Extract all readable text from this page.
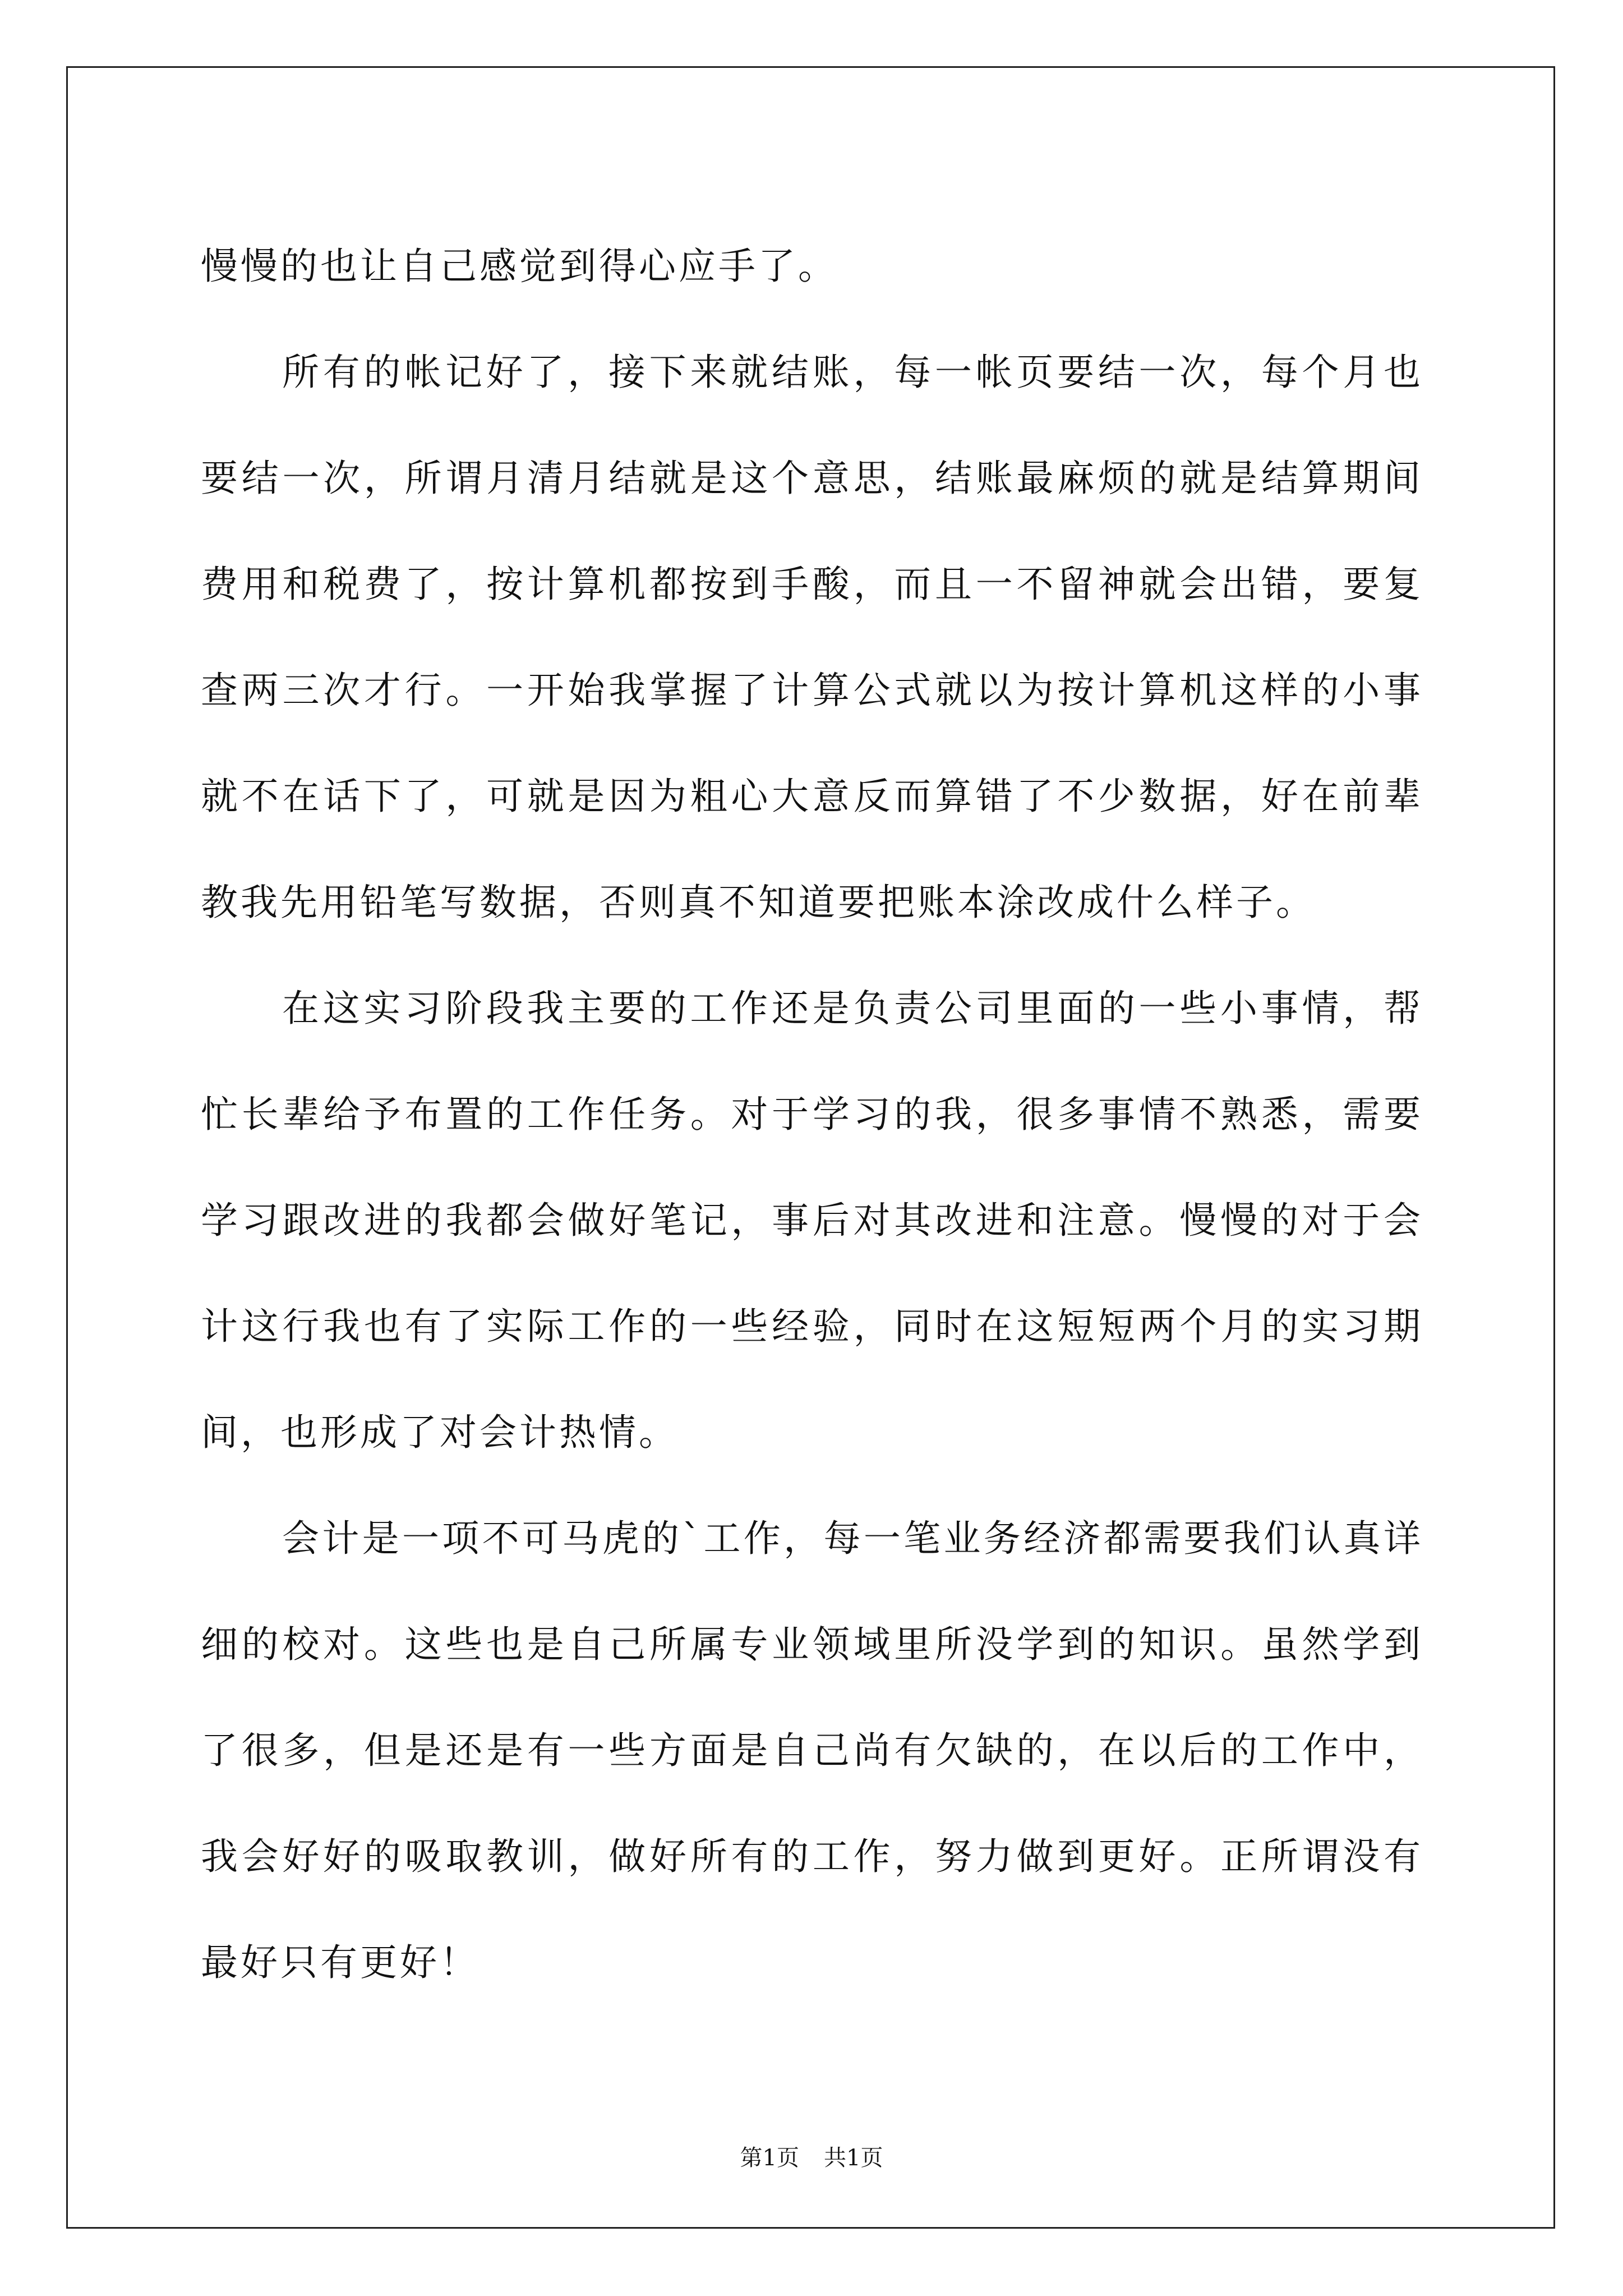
慢慢的也让自己感觉到得心应手了。

所有的帐记好了，接下来就结账，每一帐页要结一次，每个月也要结一次，所谓月清月结就是这个意思，结账最麻烦的就是结算期间费用和税费了，按计算机都按到手酸，而且一不留神就会出错，要复查两三次才行。一开始我掌握了计算公式就以为按计算机这样的小事就不在话下了，可就是因为粗心大意反而算错了不少数据，好在前辈教我先用铅笔写数据，否则真不知道要把账本涂改成什么样子。

在这实习阶段我主要的工作还是负责公司里面的一些小事情，帮忙长辈给予布置的工作任务。对于学习的我，很多事情不熟悉，需要学习跟改进的我都会做好笔记，事后对其改进和注意。慢慢的对于会计这行我也有了实际工作的一些经验，同时在这短短两个月的实习期间，也形成了对会计热情。

会计是一项不可马虎的`工作，每一笔业务经济都需要我们认真详细的校对。这些也是自己所属专业领域里所没学到的知识。虽然学到了很多，但是还是有一些方面是自己尚有欠缺的，在以后的工作中，我会好好的吸取教训，做好所有的工作，努力做到更好。正所谓没有最好只有更好！

第1页 共1页
